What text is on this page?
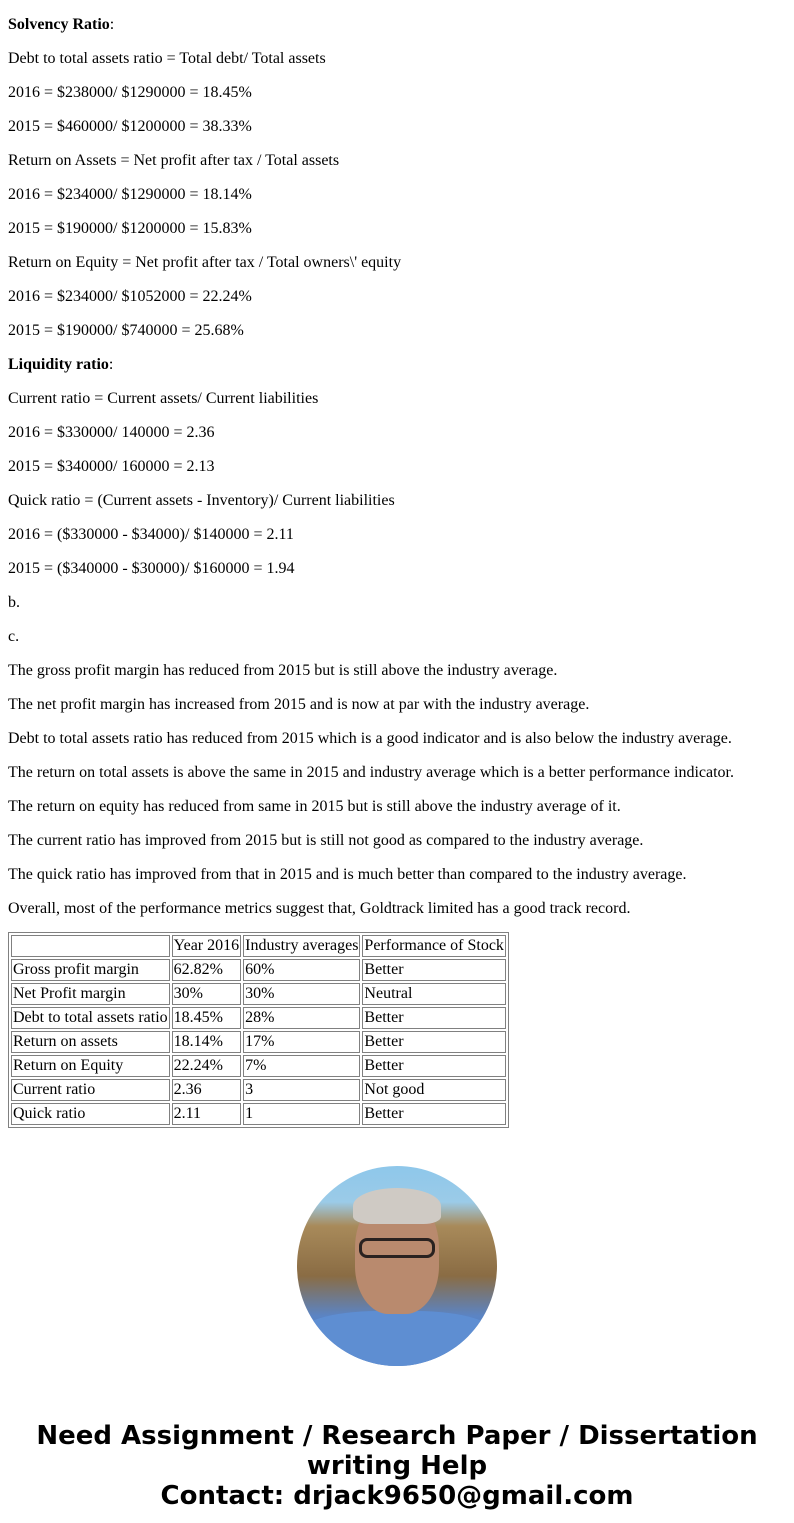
Solvency Ratio:

Debt to total assets ratio = Total debt/ Total assets

2016 = $238000/ $1290000 = 18.45%

2015 = $460000/ $1200000 = 38.33%

Return on Assets = Net profit after tax / Total assets

2016 = $234000/ $1290000 = 18.14%

2015 = $190000/ $1200000 = 15.83%

Return on Equity = Net profit after tax / Total owners\' equity

2016 = $234000/ $1052000 = 22.24%

2015 = $190000/ $740000 = 25.68%

Liquidity ratio:

Current ratio = Current assets/ Current liabilities

2016 = $330000/ 140000 = 2.36

2015 = $340000/ 160000 = 2.13

Quick ratio = (Current assets - Inventory)/ Current liabilities

2016 = ($330000 - $34000)/ $140000 = 2.11

2015 = ($340000 - $30000)/ $160000 = 1.94

b.

c.

The gross profit margin has reduced from 2015 but is still above the industry average.

The net profit margin has increased from 2015 and is now at par with the industry average.

Debt to total assets ratio has reduced from 2015 which is a good indicator and is also below the industry average.

The return on total assets is above the same in 2015 and industry average which is a better performance indicator.

The return on equity has reduced from same in 2015 but is still above the industry average of it.

The current ratio has improved from 2015 but is still not good as compared to the industry average.

The quick ratio has improved from that in 2015 and is much better than compared to the industry average.

Overall, most of the performance metrics suggest that, Goldtrack limited has a good track record.

	Year 2016	Industry averages	Performance of Stock
Gross profit margin	62.82%	60%	Better
Net Profit margin	30%	30%	Neutral
Debt to total assets ratio	18.45%	28%	Better
Return on assets	18.14%	17%	Better
Return on Equity	22.24%	7%	Better
Current ratio	2.36	3	Not good
Quick ratio	2.11	1	Better
Need Assignment / Research Paper / Dissertation
writing Help
Contact: drjack9650@gmail.com
